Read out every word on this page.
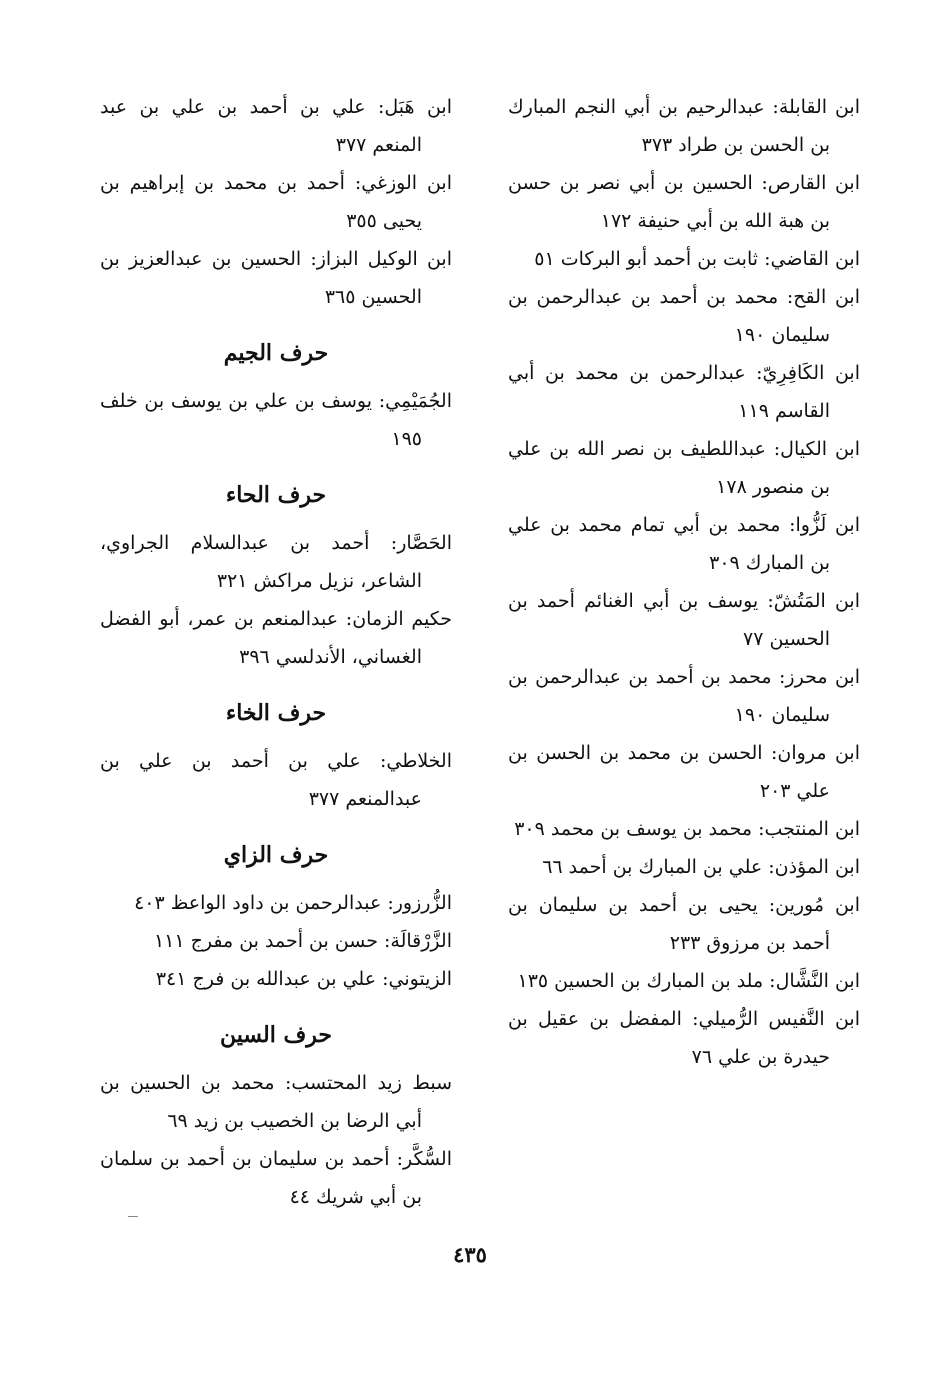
ابن القابلة: عبدالرحيم بن أبي النجم المبارك بن الحسن بن طراد ٣٧٣

ابن القارص: الحسين بن أبي نصر بن حسن بن هبة الله بن أبي حنيفة ١٧٢

ابن القاضي: ثابت بن أحمد أبو البركات ٥١

ابن القح: محمد بن أحمد بن عبدالرحمن بن سليمان ١٩٠

ابن الكَافِرِيّ: عبدالرحمن بن محمد بن أبي القاسم ١١٩

ابن الكيال: عبداللطيف بن نصر الله بن علي بن منصور ١٧٨

ابن لَزُّوا: محمد بن أبي تمام محمد بن علي بن المبارك ٣٠٩

ابن المَتُشّ: يوسف بن أبي الغنائم أحمد بن الحسين ٧٧

ابن محرز: محمد بن أحمد بن عبدالرحمن بن سليمان ١٩٠

ابن مروان: الحسن بن محمد بن الحسن بن علي ٢٠٣

ابن المنتجب: محمد بن يوسف بن محمد ٣٠٩

ابن المؤذن: علي بن المبارك بن أحمد ٦٦

ابن مُورين: يحيى بن أحمد بن سليمان بن أحمد بن مرزوق ٢٣٣

ابن النَّشَّال: ملد بن المبارك بن الحسين ١٣٥

ابن النَّفيس الرُّميلي: المفضل بن عقيل بن حيدرة بن علي ٧٦

ابن هَبَل: علي بن أحمد بن علي بن عبد المنعم ٣٧٧

ابن الوزغي: أحمد بن محمد بن إبراهيم بن يحيى ٣٥٥

ابن الوكيل البزاز: الحسين بن عبدالعزيز بن الحسين ٣٦٥

حرف الجيم

الجُمَيْمِي: يوسف بن علي بن يوسف بن خلف ١٩٥

حرف الحاء

الحَصَّار: أحمد بن عبدالسلام الجراوي، الشاعر، نزيل مراكش ٣٢١

حكيم الزمان: عبدالمنعم بن عمر، أبو الفضل الغساني، الأندلسي ٣٩٦

حرف الخاء

الخلاطي: علي بن أحمد بن علي بن عبدالمنعم ٣٧٧

حرف الزاي

الزُّرزور: عبدالرحمن بن داود الواعظ ٤٠٣

الزَّرْقالَة: حسن بن أحمد بن مفرج ١١١

الزيتوني: علي بن عبدالله بن فرج ٣٤١

حرف السين

سبط زيد المحتسب: محمد بن الحسين بن أبي الرضا بن الخصيب بن زيد ٦٩

السُّكَّر: أحمد بن سليمان بن أحمد بن سلمان بن أبي شريك ٤٤

٤٣٥
